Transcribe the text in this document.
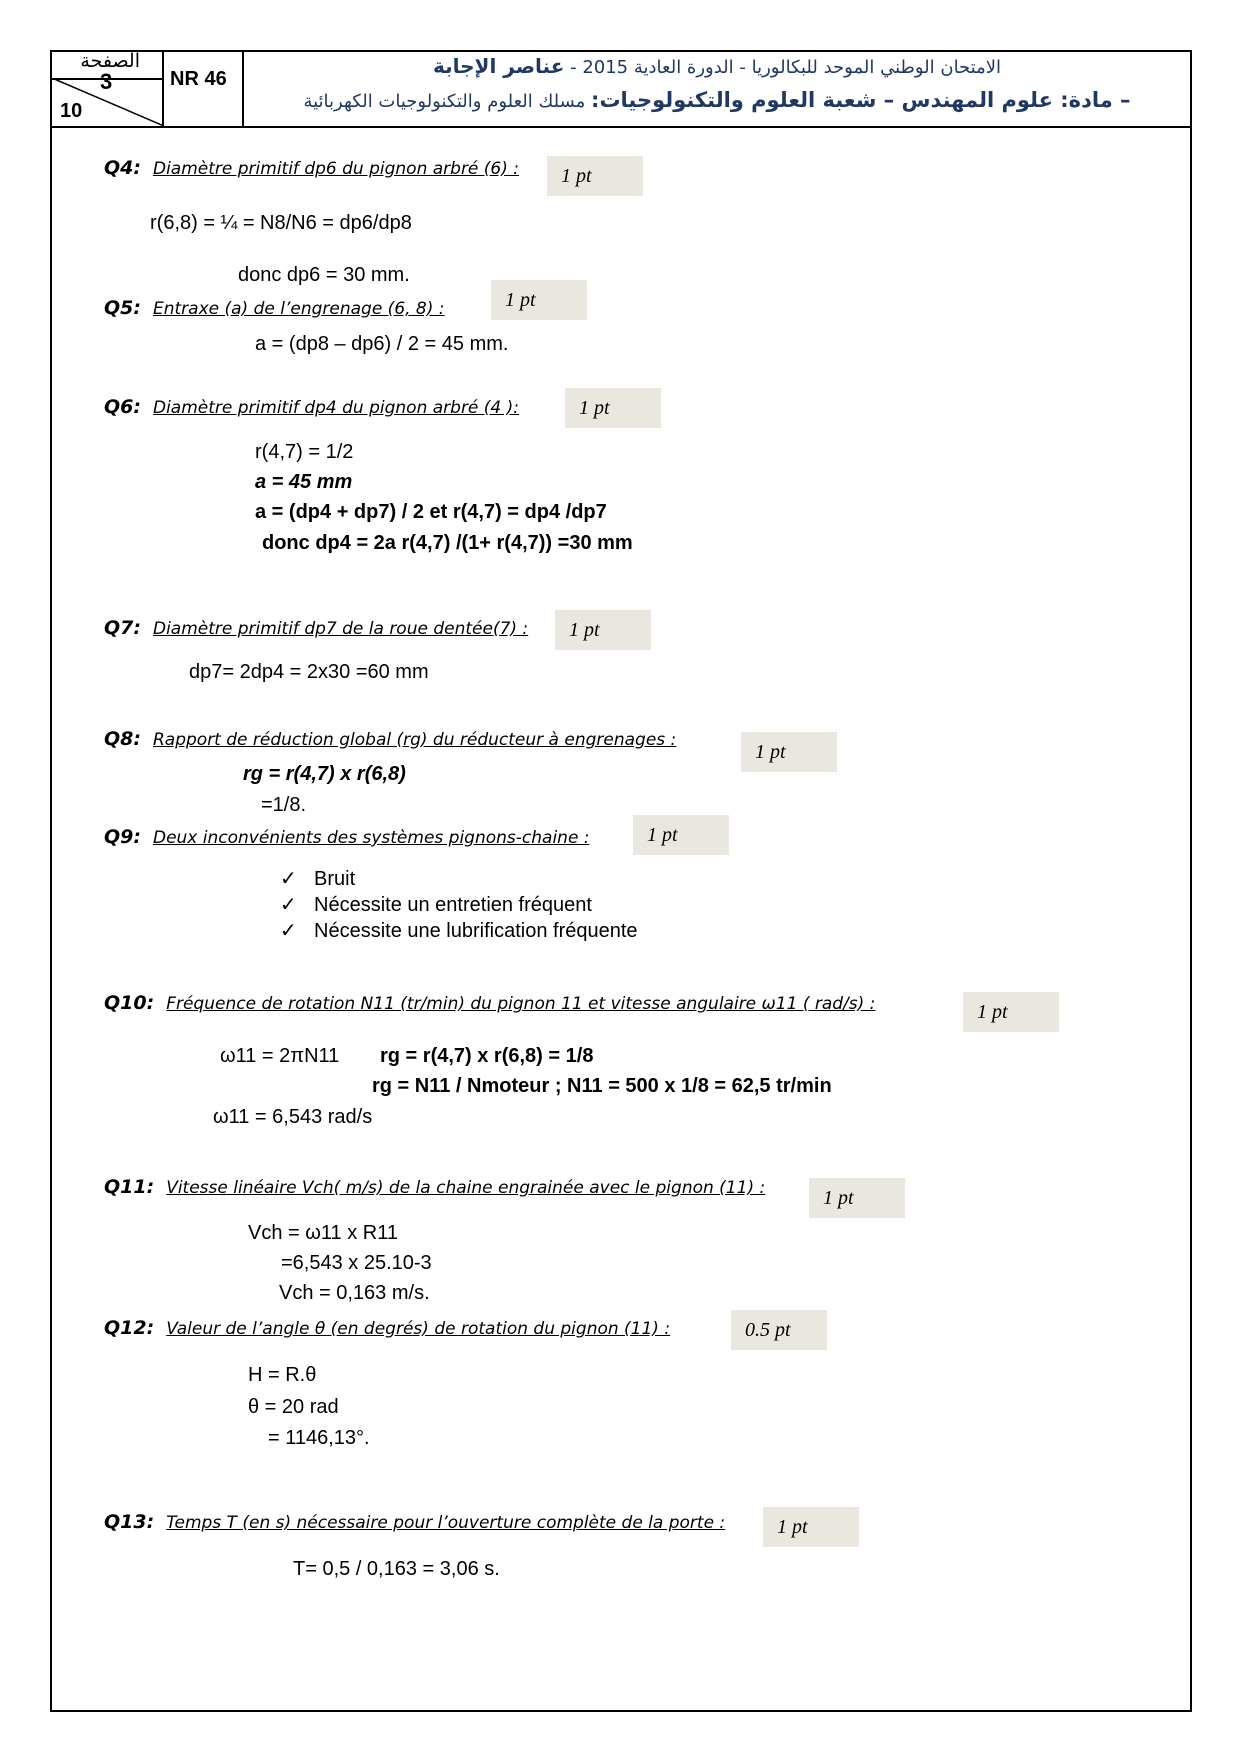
الصفحة
3
10
NR 46
الامتحان الوطني الموحد للبكالوريا - الدورة العادية 2015 - عناصر الإجابة
– مادة: علوم المهندس – شعبة العلوم والتكنولوجيات: مسلك العلوم والتكنولوجيات الكهربائية
Q4: Diamètre primitif dp6 du pignon arbré (6) :	1 pt
r(6,8) = ¼ = N8/N6 = dp6/dp8
donc dp6 = 30 mm.
Q5: Entraxe (a) de l’engrenage (6, 8) :	1 pt
a = (dp8 – dp6) / 2 = 45 mm.
Q6: Diamètre primitif dp4 du pignon arbré (4 ):	1 pt
r(4,7) = 1/2
a = 45 mm
a = (dp4 + dp7) / 2 et r(4,7) = dp4 /dp7
donc dp4 = 2a r(4,7) /(1+ r(4,7)) =30 mm
Q7: Diamètre primitif dp7 de la roue dentée(7) :	1 pt
dp7= 2dp4 = 2x30 =60 mm
Q8: Rapport de réduction global (rg) du réducteur à engrenages :
1 pt
rg = r(4,7) x r(6,8)
=1/8.
Q9: Deux inconvénients des systèmes pignons-chaine :	1 pt
✓ Bruit
✓ Nécessite un entretien fréquent
✓ Nécessite une lubrification fréquente
Q10: Fréquence de rotation N11 (tr/min) du pignon 11 et vitesse angulaire ω11 ( rad/s) :	1 pt
ω11 = 2πN11 rg = r(4,7) x r(6,8) = 1/8
rg = N11 / Nmoteur ; N11 = 500 x 1/8 = 62,5 tr/min
ω11 = 6,543 rad/s
Q11: Vitesse linéaire Vch( m/s) de la chaine engrainée avec le pignon (11) :	1 pt
Vch = ω11 x R11
=6,543 x 25.10-3
Vch = 0,163 m/s.
Q12: Valeur de l’angle θ (en degrés) de rotation du pignon (11) :	0.5 pt
H = R.θ
θ = 20 rad
= 1146,13°.
Q13: Temps T (en s) nécessaire pour l’ouverture complète de la porte :	1 pt
T= 0,5 / 0,163 = 3,06 s.
